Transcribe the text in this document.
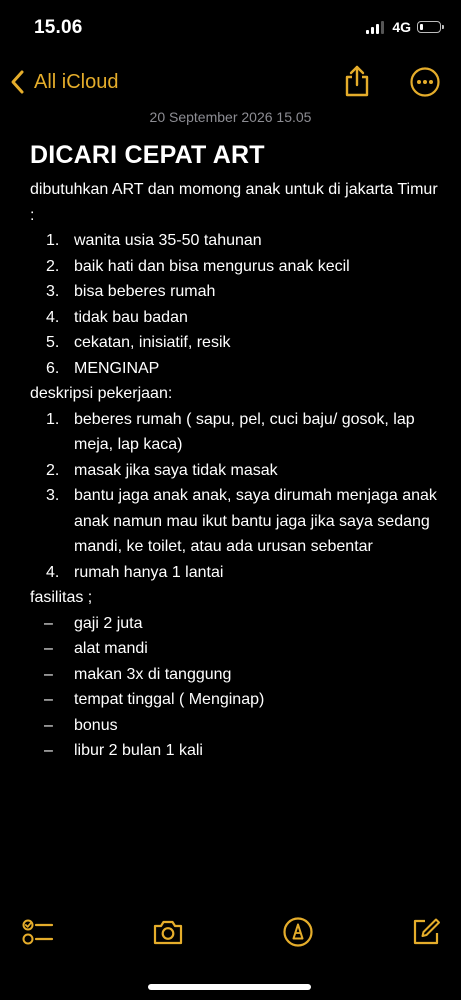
15.06	4G
All iCloud
20 September 2026 15.05
DICARI CEPAT ART

dibutuhkan ART dan momong anak untuk di jakarta Timur :

1. wanita usia 35-50 tahunan
2. baik hati dan bisa mengurus anak kecil
3. bisa beberes rumah
4. tidak bau badan
5. cekatan, inisiatif, resik
6. MENGINAP

deskripsi pekerjaan:

1. beberes rumah ( sapu, pel, cuci baju/ gosok, lap meja, lap kaca)
2. masak jika saya tidak masak
3. bantu jaga anak anak, saya dirumah menjaga anak anak namun mau ikut bantu jaga jika saya sedang mandi, ke toilet, atau ada urusan sebentar
4. rumah hanya 1 lantai

fasilitas ;

– gaji 2 juta
– alat mandi
– makan 3x di tanggung
– tempat tinggal ( Menginap)
– bonus
– libur 2 bulan 1 kali
